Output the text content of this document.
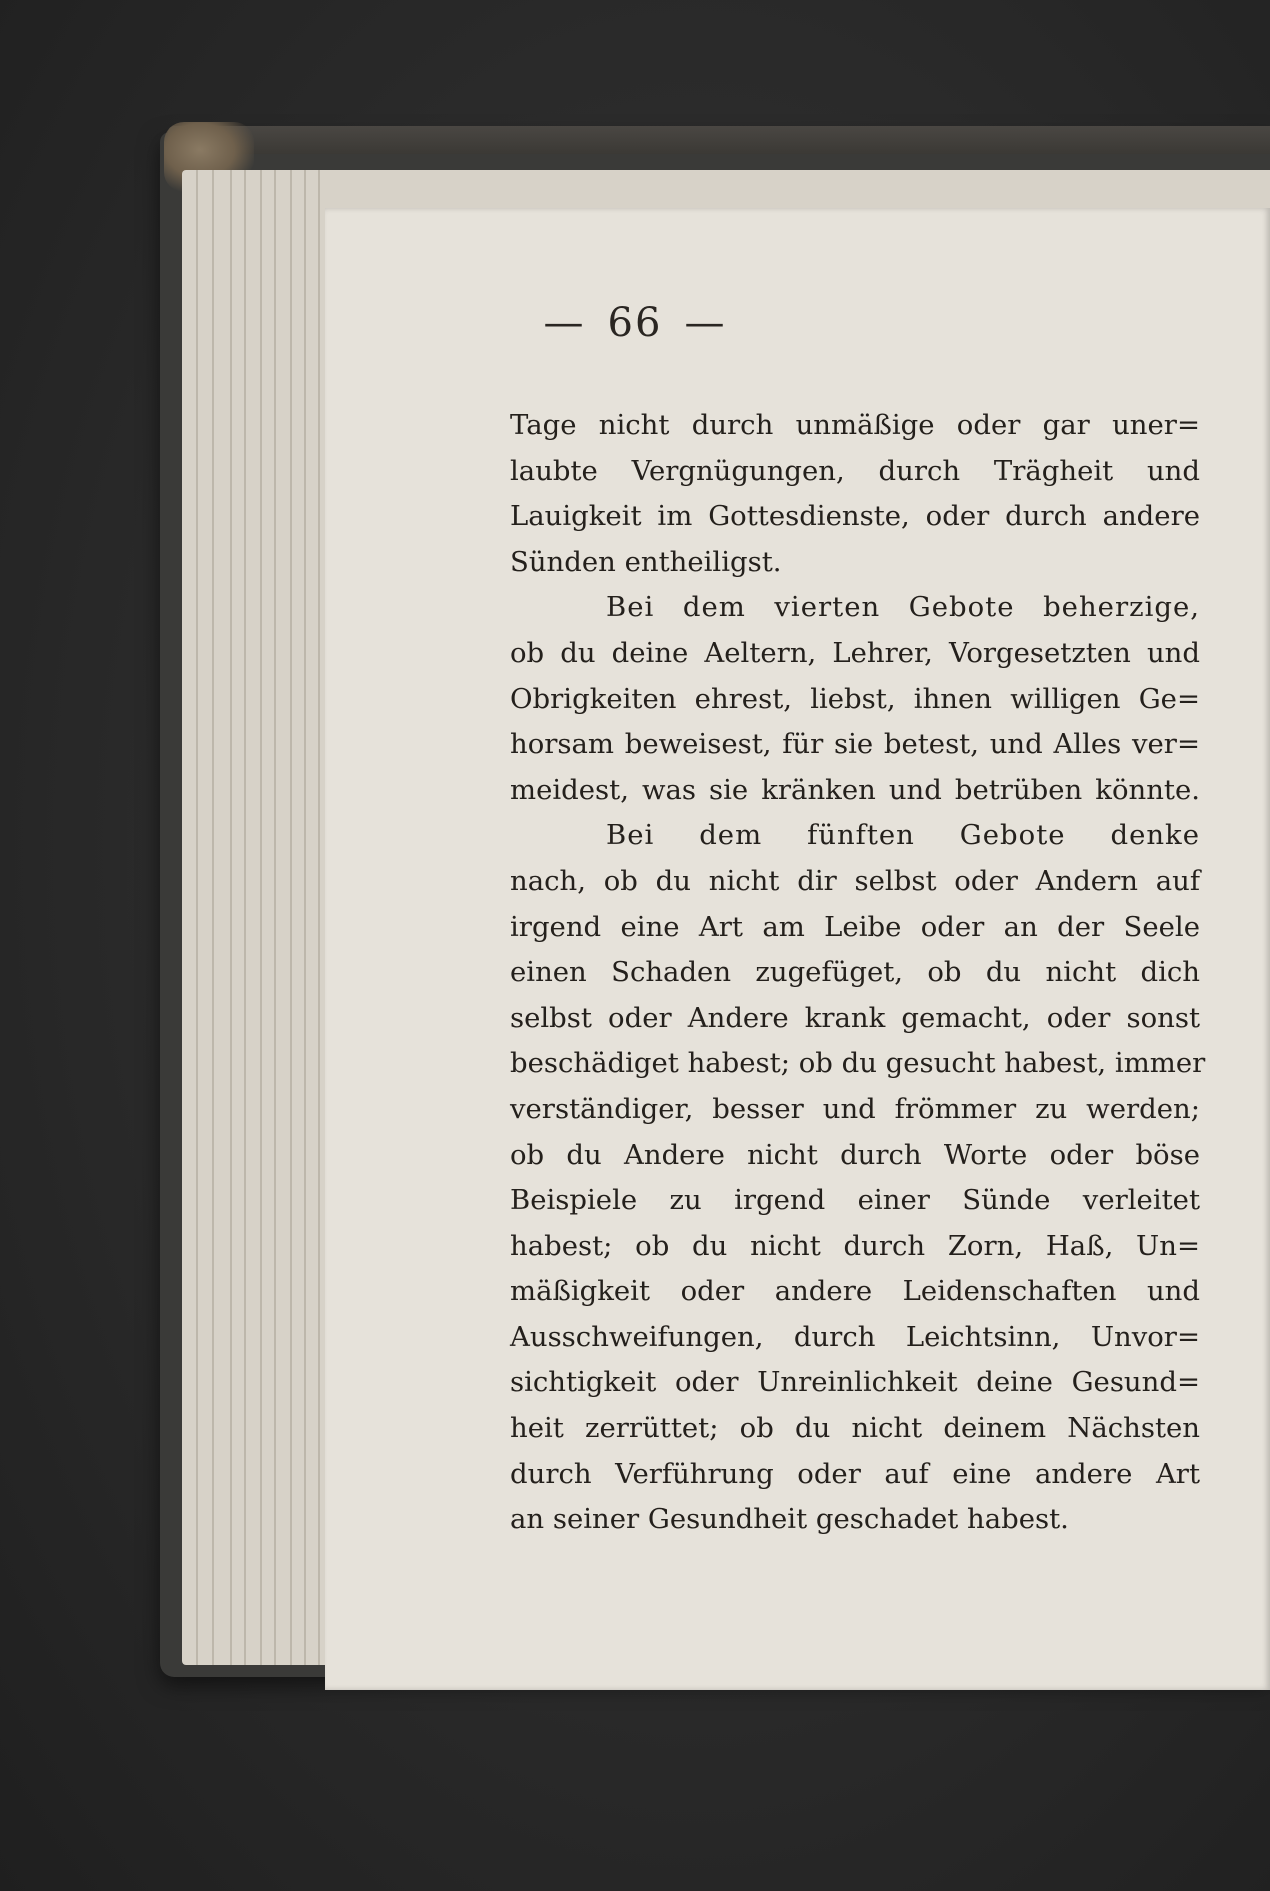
— 66 —
Tage nicht durch unmäßige oder gar uner=
laubte Vergnügungen, durch Trägheit und
Lauigkeit im Gottesdienste, oder durch andere
Sünden entheiligst.
Bei dem vierten Gebote beherzige,
ob du deine Aeltern, Lehrer, Vorgesetzten und
Obrigkeiten ehrest, liebst, ihnen willigen Ge=
horsam beweisest, für sie betest, und Alles ver=
meidest, was sie kränken und betrüben könnte.
Bei dem fünften Gebote denke
nach, ob du nicht dir selbst oder Andern auf
irgend eine Art am Leibe oder an der Seele
einen Schaden zugefüget, ob du nicht dich
selbst oder Andere krank gemacht, oder sonst
beschädiget habest; ob du gesucht habest, immer
verständiger, besser und frömmer zu werden;
ob du Andere nicht durch Worte oder böse
Beispiele zu irgend einer Sünde verleitet
habest; ob du nicht durch Zorn, Haß, Un=
mäßigkeit oder andere Leidenschaften und
Ausschweifungen, durch Leichtsinn, Unvor=
sichtigkeit oder Unreinlichkeit deine Gesund=
heit zerrüttet; ob du nicht deinem Nächsten
durch Verführung oder auf eine andere Art
an seiner Gesundheit geschadet habest.
